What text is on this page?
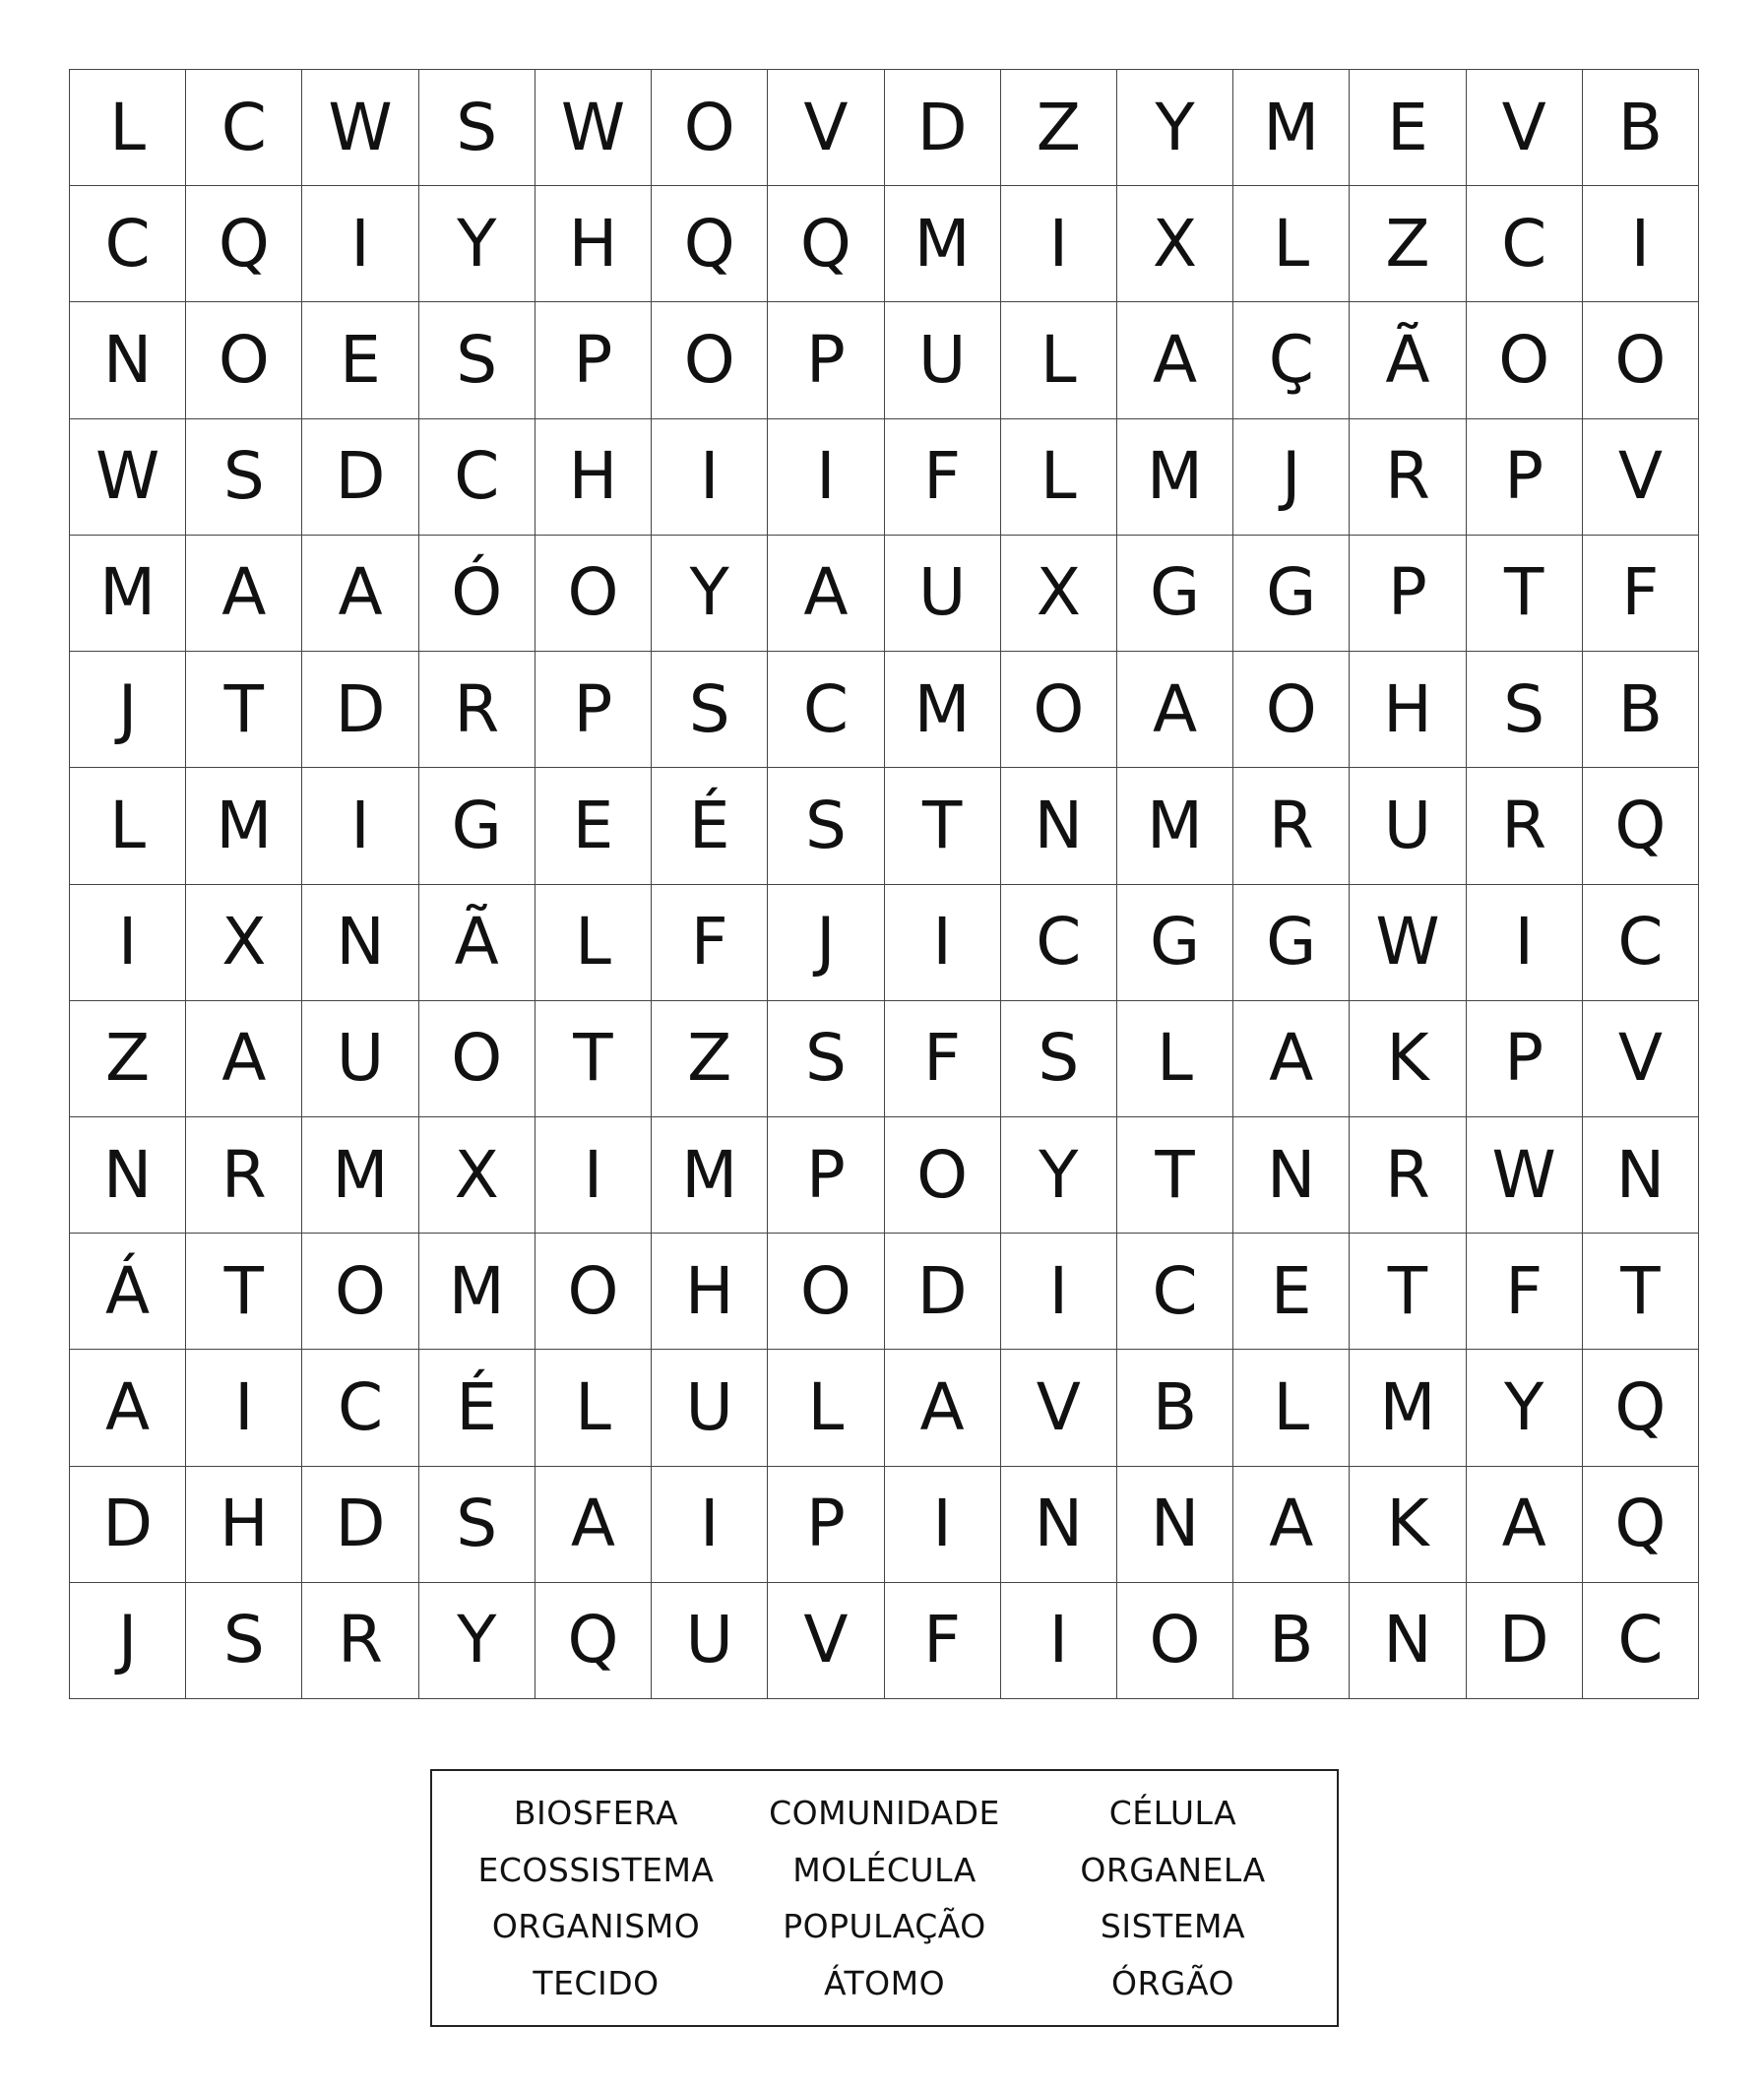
L	C W S W O	V	D	Z	Y	M	E	V	B
C	Q	I	Y	H	Q	Q M	I	X	L	Z	C	I
N	O	E	S	P	O	P	U	L	A	Ç	Ã	O	O
W S	D	C	H	I	I	F	L	M	J	R	P	V
M	A	A	Ó	O	Y	A	U	X	G	G	P	T	F
J	T	D	R	P	S	C	M O	A	O	H	S	B
L	M	I	G	E	É	S	T	N M	R	U	R	Q
I	X	N	Ã	L	F	J	I	C	G	G W	I	C
Z	A	U	O	T	Z	S	F	S	L	A	K	P	V
N	R	M	X	I	M	P	O	Y	T	N	R W N
Á	T	O M O	H	O	D	I	C	E	T	F	T
A	I	C	É	L	U	L	A	V	B	L	M	Y	Q
D	H	D	S	A	I	P	I	N	N	A	K	A	Q
J	S	R	Y	Q	U	V	F	I	O	B	N	D	C
BIOSFERA	COMUNIDADE	CÉLULA
ECOSSISTEMA	MOLÉCULA	ORGANELA
ORGANISMO	POPULAÇÃO	SISTEMA
TECIDO	ÁTOMO	ÓRGÃO
